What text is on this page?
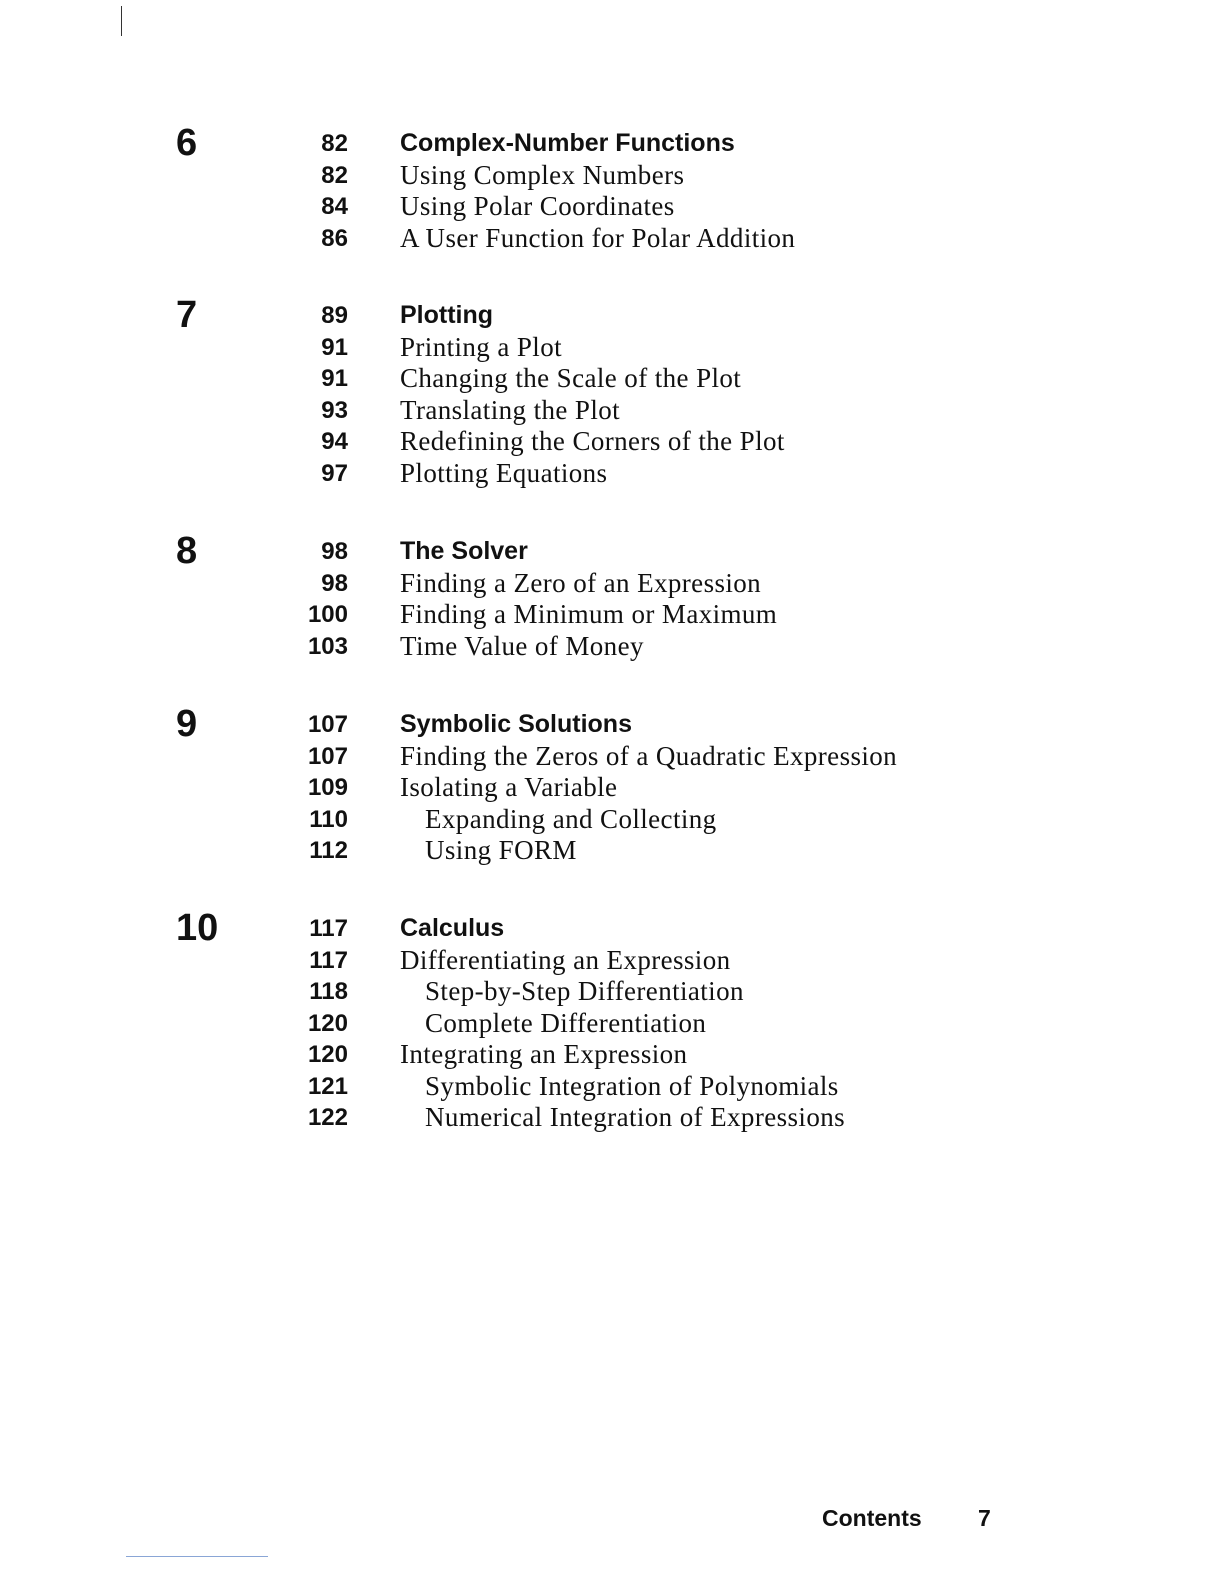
6	82 Complex-Number Functions
82 Using Complex Numbers
84 Using Polar Coordinates
86 A User Function for Polar Addition
7	89 Plotting
91 Printing a Plot
91 Changing the Scale of the Plot
93 Translating the Plot
94 Redefining the Corners of the Plot
97 Plotting Equations
8	98 The Solver
98 Finding a Zero of an Expression
100 Finding a Minimum or Maximum
103 Time Value of Money
9	107 Symbolic Solutions
107 Finding the Zeros of a Quadratic Expression
109 Isolating a Variable
110	Expanding and Collecting
112	Using FORM
10	117 Calculus
117 Differentiating an Expression
118	Step-by-Step Differentiation
120	Complete Differentiation
120 Integrating an Expression
121	Symbolic Integration of Polynomials
122	Numerical Integration of Expressions
Contents 7
